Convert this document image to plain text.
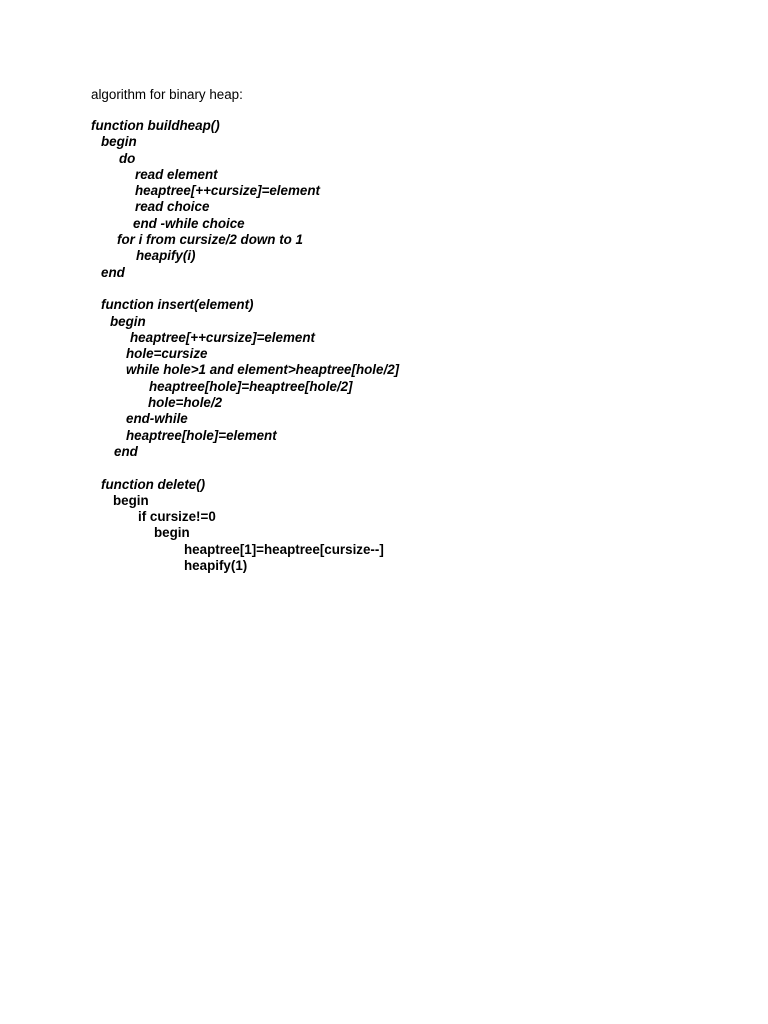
algorithm for binary heap:
function buildheap()
begin
do
read element
heaptree[++cursize]=element
read choice
end -while choice
for i from cursize/2 down to 1
heapify(i)
end
function insert(element)
begin
heaptree[++cursize]=element
hole=cursize
while hole>1 and element>heaptree[hole/2]
heaptree[hole]=heaptree[hole/2]
hole=hole/2
end-while
heaptree[hole]=element
end
function delete()
begin
if cursize!=0
begin
heaptree[1]=heaptree[cursize--]
heapify(1)
